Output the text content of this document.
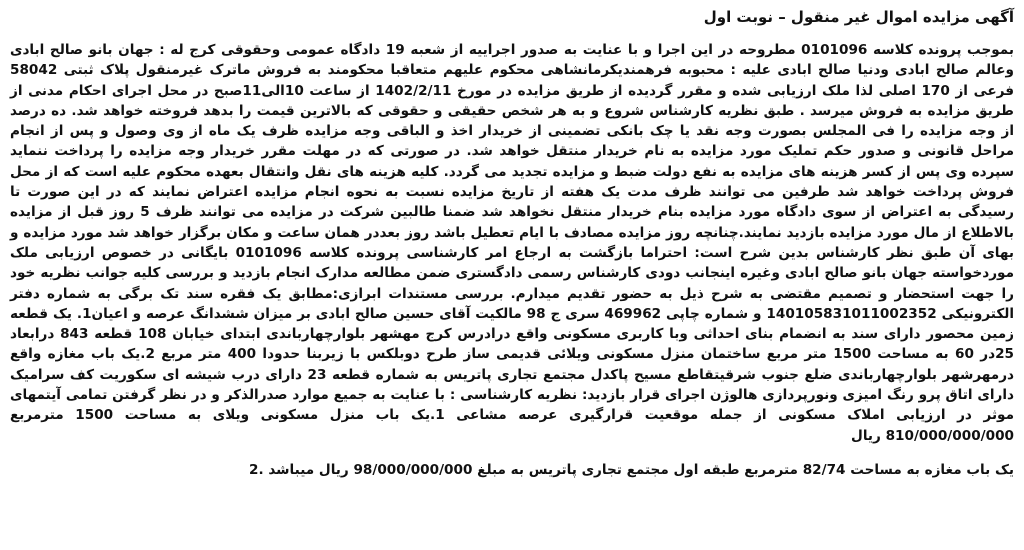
آگهی مزایده اموال غیر منقول – نوبت اول

بموجب پرونده کلاسه 0101096 مطروحه در این اجرا و با عنایت به صدور اجراییه از شعبه 19 دادگاه عمومی وحقوقی کرج له : جهان بانو صالح ابادی وعالم صالح ابادی ودنیا صالح ابادی علیه : محبوبه فرهمندیکرمانشاهی محکوم علیهم متعاقبا محکومند به فروش ماترک غیرمنقول پلاک ثبتی 58042 فرعی از 170 اصلی لذا ملک ارزیابی شده و مقرر گردیده از طریق مزایده در مورخ 1402/2/11 از ساعت 10الی11صبح در محل اجرای احکام مدنی از طریق مزایده به فروش میرسد . طبق نظریه کارشناس شروع و به هر شخص حقیقی و حقوقی که بالاترین قیمت را بدهد فروخته خواهد شد. ده درصد از وجه مزایده را فی المجلس بصورت وجه نقد یا چک بانکی تضمینی از خریدار اخذ و الباقی وجه مزایده ظرف یک ماه از وی وصول و پس از انجام مراحل قانونی و صدور حکم تملیک مورد مزایده به نام خریدار منتقل خواهد شد. در صورتی که در مهلت مقرر خریدار وجه مزایده را پرداخت ننماید سپرده وی پس از کسر هزینه های مزایده به نفع دولت ضبط و مزایده تجدید می گردد. کلیه هزینه های نقل وانتقال بعهده محکوم علیه است که از محل فروش پرداخت خواهد شد طرفین می توانند ظرف مدت یک هفته از تاریخ مزایده نسبت به نحوه انجام مزایده اعتراض نمایند که در این صورت تا رسیدگی به اعتراض از سوی دادگاه مورد مزایده بنام خریدار منتقل نخواهد شد ضمنا طالبین شرکت در مزایده می توانند ظرف 5 روز قبل از مزایده بالاطلاع از مال مورد مزایده بازدید نمایند.چنانچه روز مزایده مصادف با ایام تعطیل باشد روز بعددر همان ساعت و مکان برگزار خواهد شد مورد مزایده و بهای آن طبق نظر کارشناس بدین شرح است: احتراما بازگشت به ارجاع امر کارشناسی پرونده کلاسه 0101096 بایگانی در خصوص ارزیابی ملک موردخواسته جهان بانو صالح ابادی وغیره اینجانب دودی کارشناس رسمی دادگستری ضمن مطالعه مدارک انجام بازدید و بررسی کلیه جوانب نظریه خود را جهت استحضار و تصمیم مقتضی به شرح ذیل به حضور تقدیم میدارم. بررسی مستندات ابرازی:مطابق یک فقره سند تک برگی به شماره دفتر الکترونیکی 140105831011002352 و شماره چاپی 469962 سری ج 98 مالکیت آقای حسین صالح ابادی بر میزان ششدانگ عرصه و اعیان1. یک قطعه زمین محصور دارای سند به انضمام بنای احداثی وبا کاربری مسکونی واقع درادرس کرج مهشهر بلوارچهارباندی ابتدای خیابان 108 قطعه 843 درابعاد 25در 60 به مساحت 1500 متر مربع ساختمان منزل مسکونی ویلائی قدیمی ساز طرح دوبلکس با زیربنا حدودا 400 متر مربع 2.یک باب مغازه واقع درمهرشهر بلوارچهارباندی ضلع جنوب شرقیتقاطع مسیح پاکدل مجتمع تجاری پاتریس به شماره قطعه 23 دارای درب شیشه ای سکوریت کف سرامیک دارای اتاق پرو رنگ امیزی ونورپردازی هالوژن اجرای قرار بازدید: نظریه کارشناسی : با عنایت به جمیع موارد صدرالذکر و در نظر گرفتن تمامی آیتمهای موثر در ارزیابی املاک مسکونی از جمله موقعیت قرارگیری عرصه مشاعی 1.یک باب منزل مسکونی ویلای به مساحت 1500 مترمربع 810/000/000/000 ریال

یک باب مغازه به مساحت 82/74 مترمربع طبقه اول مجتمع تجاری پاتریس به مبلغ 98/000/000/000 ریال میباشد .2
